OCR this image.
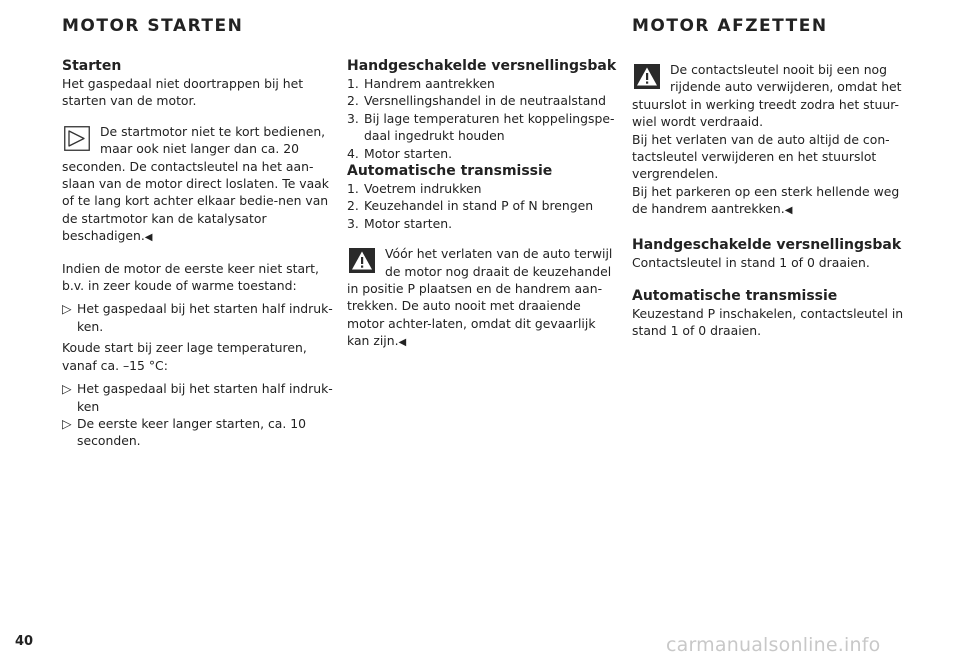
MOTOR STARTEN	MOTOR AFZETTEN

Starten

Het gaspedaal niet doortrappen bij het starten van de motor.

De startmotor niet te kort bedienen,

maar ook niet langer dan ca. 20

seconden. De contactsleutel na het aan-slaan van de motor direct loslaten. Te vaak of te lang kort achter elkaar bedie-nen van de startmotor kan de katalysator beschadigen.◀

Indien de motor de eerste keer niet start, b.v. in zeer koude of warme toestand:

▷ Het gaspedaal bij het starten half indruk-ken.

Koude start bij zeer lage temperaturen, vanaf ca. –15 °C:

▷ Het gaspedaal bij het starten half indruk-ken
▷ De eerste keer langer starten, ca. 10 seconden.

Handgeschakelde versnellingsbak

1. Handrem aantrekken
2. Versnellingshandel in de neutraalstand
3. Bij lage temperaturen het koppelingspe-daal ingedrukt houden
4. Motor starten.

Automatische transmissie

1. Voetrem indrukken
2. Keuzehandel in stand P of N brengen
3. Motor starten.

Vóór het verlaten van de auto terwijl

de motor nog draait de keuzehandel

in positie P plaatsen en de handrem aan-trekken. De auto nooit met draaiende motor achter-laten, omdat dit gevaarlijk kan zijn.◀

De contactsleutel nooit bij een nog

rijdende auto verwijderen, omdat het

stuurslot in werking treedt zodra het stuur-wiel wordt verdraaid.

Bij het verlaten van de auto altijd de con-tactsleutel verwijderen en het stuurslot vergrendelen.

Bij het parkeren op een sterk hellende weg de handrem aantrekken.◀

Handgeschakelde versnellingsbak

Contactsleutel in stand 1 of 0 draaien.

Automatische transmissie

Keuzestand P inschakelen, contactsleutel in stand 1 of 0 draaien.

40	carmanualsonline.info
